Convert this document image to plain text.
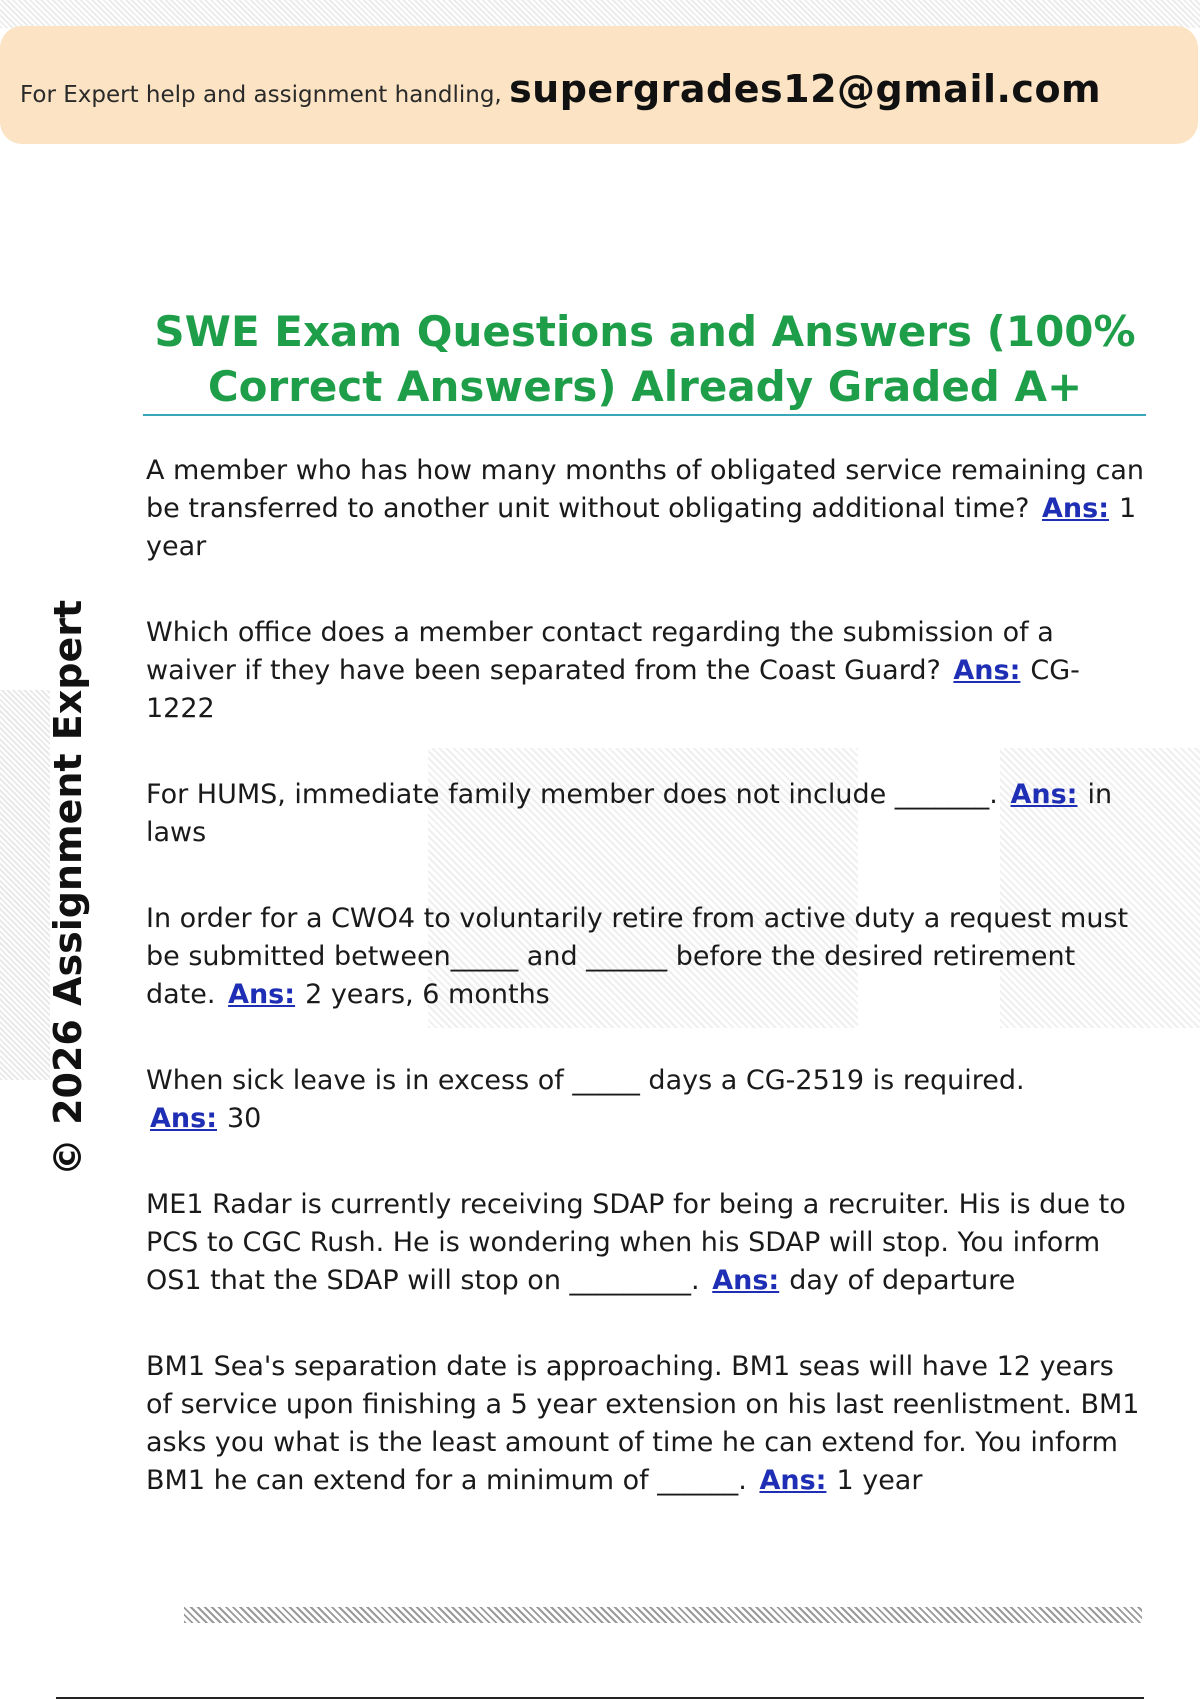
For Expert help and assignment handling, supergrades12@gmail.com
© 2026 Assignment Expert
SWE Exam Questions and Answers (100% Correct Answers) Already Graded A+

A member who has how many months of obligated service remaining can be transferred to another unit without obligating additional time? Ans: 1 year

Which office does a member contact regarding the submission of a waiver if they have been separated from the Coast Guard? Ans: CG-1222

For HUMS, immediate family member does not include _______. Ans: in laws

In order for a CWO4 to voluntarily retire from active duty a request must be submitted between_____ and ______ before the desired retirement date. Ans: 2 years, 6 months

When sick leave is in excess of _____ days a CG-2519 is required. Ans: 30

ME1 Radar is currently receiving SDAP for being a recruiter. His is due to PCS to CGC Rush. He is wondering when his SDAP will stop. You inform OS1 that the SDAP will stop on _________. Ans: day of departure

BM1 Sea's separation date is approaching. BM1 seas will have 12 years of service upon finishing a 5 year extension on his last reenlistment. BM1 asks you what is the least amount of time he can extend for. You inform BM1 he can extend for a minimum of ______. Ans: 1 year
